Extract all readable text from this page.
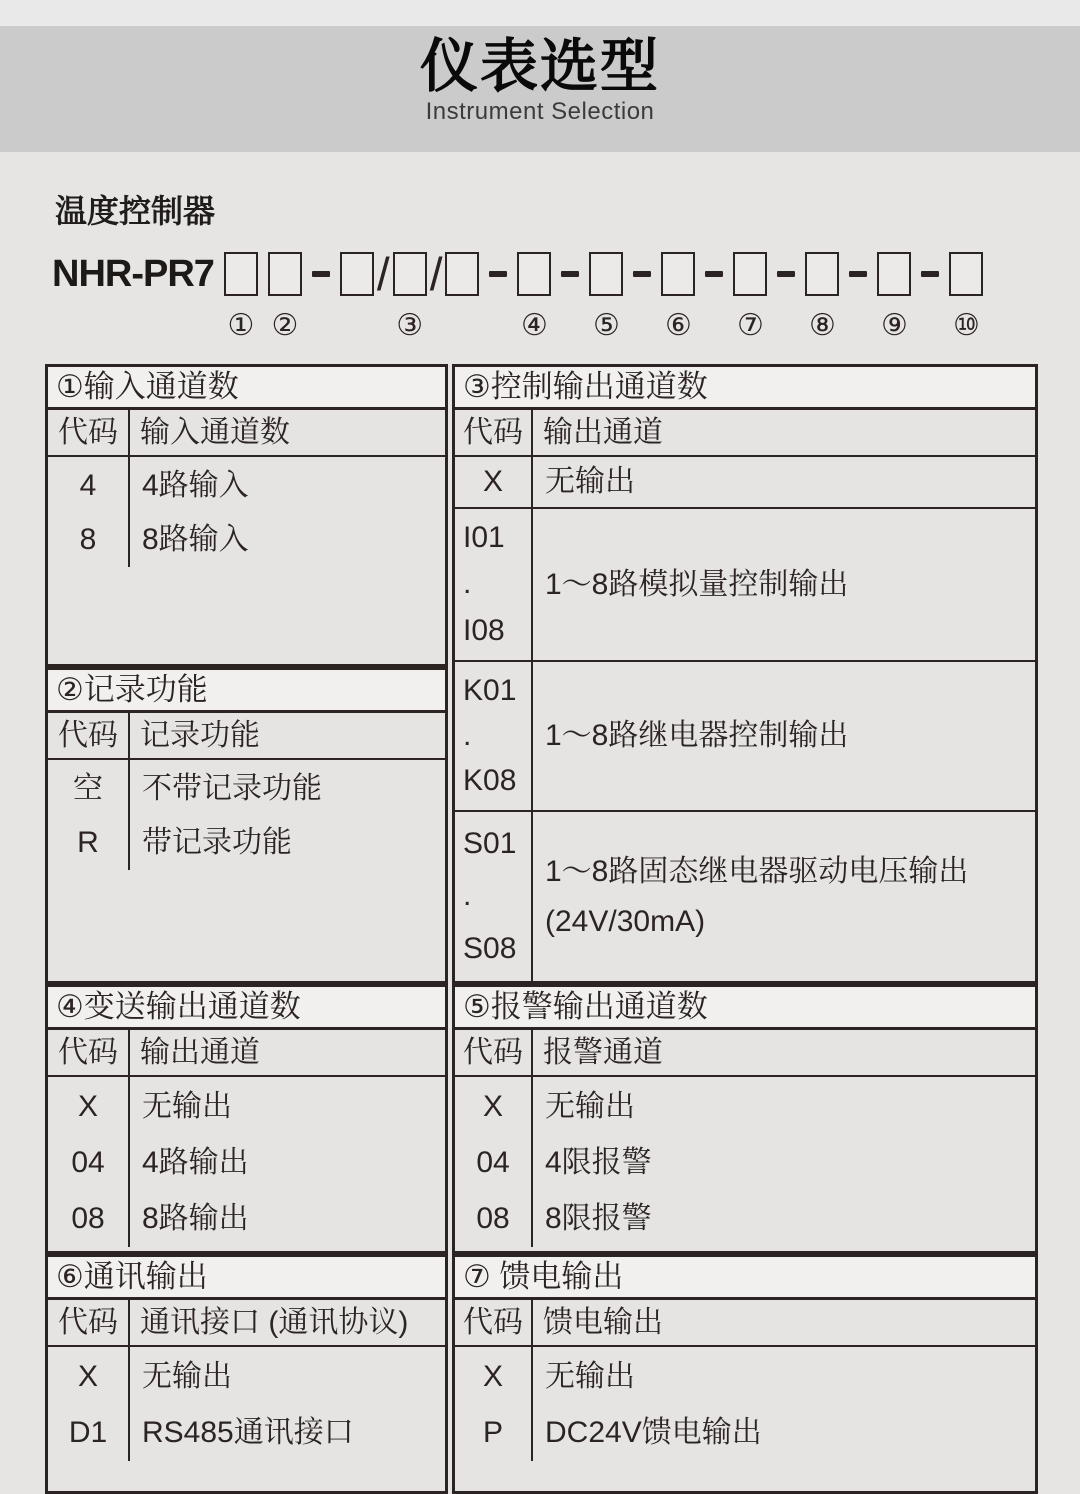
仪表选型
Instrument Selection
温度控制器
NHR-PR7
① ②
/ /
③	④ ⑤ ⑥ ⑦ ⑧ ⑨ ⑩
①输入通道数
代码 输入通道数
4
8
4路输入
8路输入
②记录功能
代码 记录功能
空
R
不带记录功能
带记录功能
④变送输出通道数
代码 输出通道
X
04
08
无输出
4路输出
8路输出
⑥通讯输出
代码 通讯接口 (通讯协议)
X
D1
无输出
RS485通讯接口
③控制输出通道数
代码 输出通道
X	无输出
I01
.
I08
1～8路模拟量控制输出
K01
.
K08
1～8路继电器控制输出
S01
.
S08
1～8路固态继电器驱动电压输出
(24V/30mA)
⑤报警输出通道数
代码 报警通道
X
04
08
无输出
4限报警
8限报警
⑦ 馈电输出
代码 馈电输出
X
P
无输出
DC24V馈电输出
